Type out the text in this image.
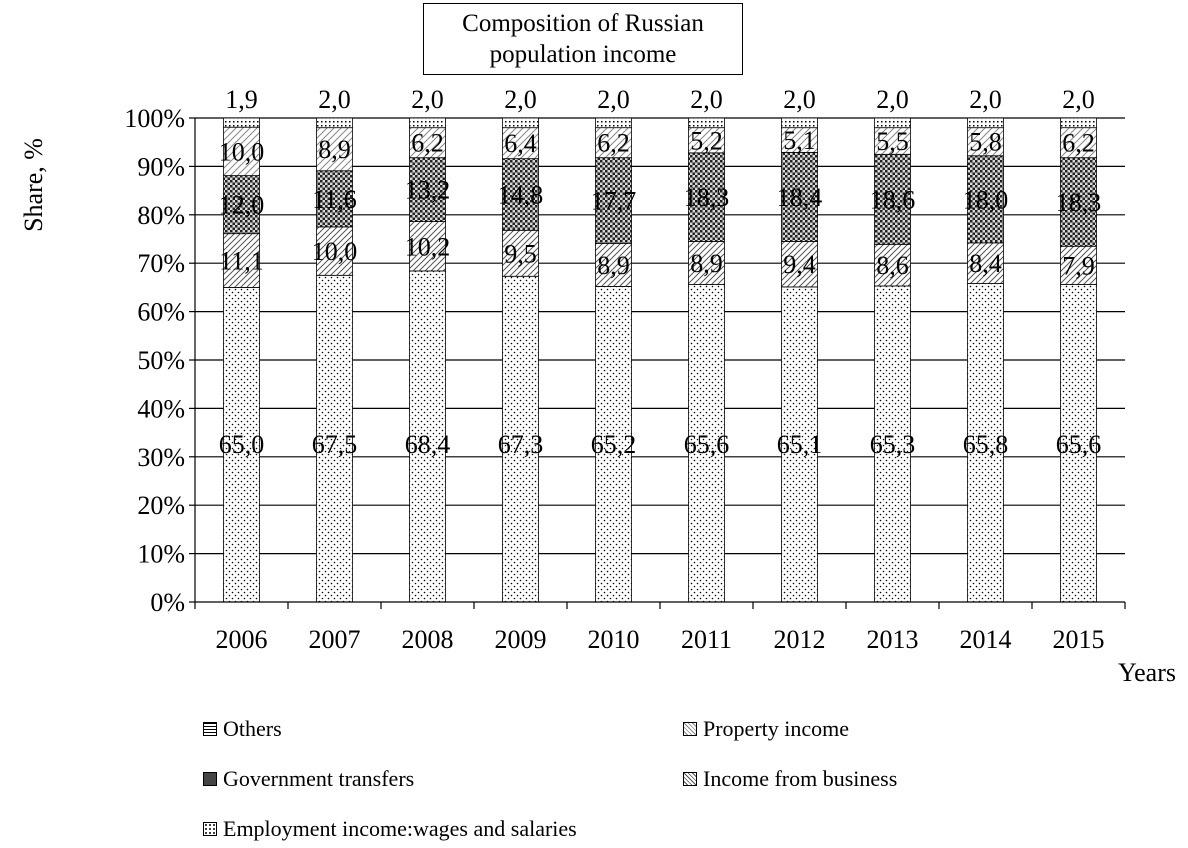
Composition of Russian
population income
65,0
11,1
12,0
10,0
1,9
67,5
10,0
11,6
8,9
2,0
68,4
10,2
13,2
6,2
2,0
67,3
9,5
14,8
6,4
2,0
65,2
8,9
17,7
6,2
2,0
65,6
8,9
18,3
5,2
2,0
65,1
9,4
18,4
5,1
2,0
65,3
8,6
18,6
5,5
2,0
65,8
8,4
18,0
5,8
2,0
65,6
7,9
18,3
6,2
2,0
0%
10%
20%
30%
40%
50%
60%
70%
80%
90%
100%
Share, %
Years
2006 2007 2008 2009 2010 2011 2012 2013 2014 2015
Others	Property income
Government transfers	Income from business
Employment income:wages and salaries
